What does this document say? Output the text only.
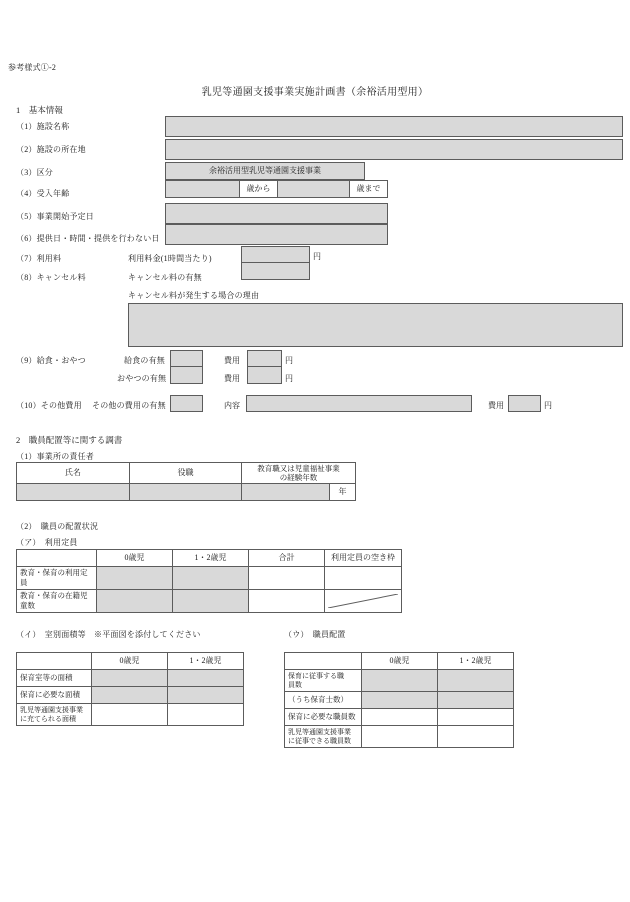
参考様式①-2
乳児等通園支援事業実施計画書（余裕活用型用）
1　基本情報
（1）施設名称
（2）施設の所在地
（3）区分	余裕活用型乳児等通園支援事業
（4）受入年齢
歳から	歳まで
（5）事業開始予定日
（6）提供日・時間・提供を行わない日
（7）利用料	利用料金(1時間当たり)	円
（8）キャンセル料	キャンセル料の有無
キャンセル料が発生する場合の理由
（9）給食・おやつ	給食の有無	費用	円
おやつの有無	費用	円
（10）その他費用 その他の費用の有無	内容	費用	円
2　職員配置等に関する調書
（1）事業所の責任者
氏名	役職	教育職又は児童福祉事業
の経験年数	

			年
（2）　職員の配置状況
（ア）　利用定員
	0歳児	1・2歳児	合計	利用定員の空き枠
教育・保育の利用定員				
教育・保育の在籍児童数				
（イ）　室別面積等　※平面図を添付してください
	0歳児	1・2歳児
保育室等の面積		
保育に必要な面積		

乳児等通園支援事業
に充てられる面積		

（ウ）　職員配置
	0歳児	1・2歳児

保育に従事する職
員数		

（うち保育士数）		
保育に必要な職員数		

乳児等通園支援事業
に従事できる職員数		
